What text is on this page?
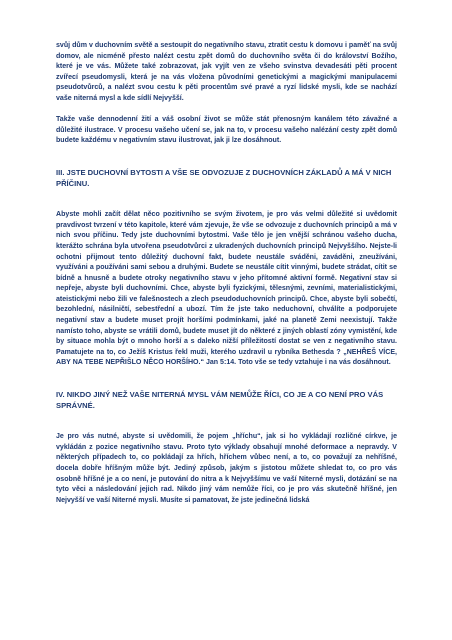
svůj dům v duchovním světě a sestoupit do negativního stavu, ztratit cestu k domovu i paměť na svůj domov, ale nicméně přesto nalézt cestu zpět domů do duchovního světa či do království Božího, které je ve vás. Můžete také zobrazovat, jak vyjít ven ze všeho svinstva devadesáti pěti procent zvířecí pseudomysli, která je na vás vložena původními genetickými a magickými manipulacemi pseudotvůrců, a nalézt svou cestu k pěti procentům své pravé a ryzí lidské mysli, kde se nachází vaše niterná mysl a kde sídlí Nejvyšší.

Takže vaše dennodenní žití a váš osobní život se může stát přenosným kanálem této závažné a důležité ilustrace. V procesu vašeho učení se, jak na to, v procesu vašeho nalézání cesty zpět domů budete každému v negativním stavu ilustrovat, jak ji lze dosáhnout.

III. JSTE DUCHOVNÍ BYTOSTI A VŠE SE ODVOZUJE Z DUCHOVNÍCH ZÁKLADŮ A MÁ V NICH PŘÍČINU.

Abyste mohli začít dělat něco pozitivního se svým životem, je pro vás velmi důležité si uvědomit pravdivost tvrzení v této kapitole, které vám zjevuje, že vše se odvozuje z duchovních principů a má v nich svou příčinu. Tedy jste duchovními bytostmi. Vaše tělo je jen vnější schránou vašeho ducha, kterážto schrána byla utvořena pseudotvůrci z ukradených duchovních principů Nejvyššího. Nejste-li ochotni přijmout tento důležitý duchovní fakt, budete neustále sváděni, zaváděni, zneužíváni, využíváni a používáni sami sebou a druhými. Budete se neustále cítit vinnými, budete strádat, cítit se bídně a hnusně a budete otroky negativního stavu v jeho přítomné aktivní formě. Negativní stav si nepřeje, abyste byli duchovními. Chce, abyste byli fyzickými, tělesnými, zevními, materialistickými, ateistickými nebo žili ve falešnostech a zlech pseudoduchovních principů. Chce, abyste byli sobečtí, bezohlední, násilničtí, sebestřední a ubozí. Tím že jste tako neduchovní, chválíte a podporujete negativní stav a budete muset projít horšími podmínkami, jaké na planetě Zemi neexistují. Takže namísto toho, abyste se vrátili domů, budete muset jít do některé z jiných oblastí zóny vymistění, kde by situace mohla být o mnoho horší a s daleko nižší příležitostí dostat se ven z negativního stavu. Pamatujete na to, co Ježíš Kristus řekl muži, kterého uzdravil u rybníka Bethesda ? „NEHŘEŠ VÍCE, ABY NA TEBE NEPŘIŠLO NĚCO HORŠÍHO.“ Jan 5:14. Toto vše se tedy vztahuje i na vás dosáhnout.

IV. NIKDO JINÝ NEŽ VAŠE NITERNÁ MYSL VÁM NEMŮŽE ŘÍCI, CO JE A CO NENÍ PRO VÁS SPRÁVNÉ.

Je pro vás nutné, abyste si uvědomili, že pojem „hříchu“, jak si ho vykládají rozličné církve, je vykládán z pozice negativního stavu. Proto tyto výklady obsahují mnohé deformace a nepravdy. V některých případech to, co pokládají za hřích, hříchem vůbec není, a to, co považují za nehříšné, docela dobře hříšným může být. Jediný způsob, jakým s jistotou můžete shledat to, co pro vás osobně hříšné je a co není, je putování do nitra a k Nejvyššímu ve vaší Niterné mysli, dotázání se na tyto věci a následování jejich rad. Nikdo jiný vám nemůže říci, co je pro vás skutečně hříšné, jen Nejvyšší ve vaší Niterné mysli. Musíte si pamatovat, že jste jedinečná lidská
